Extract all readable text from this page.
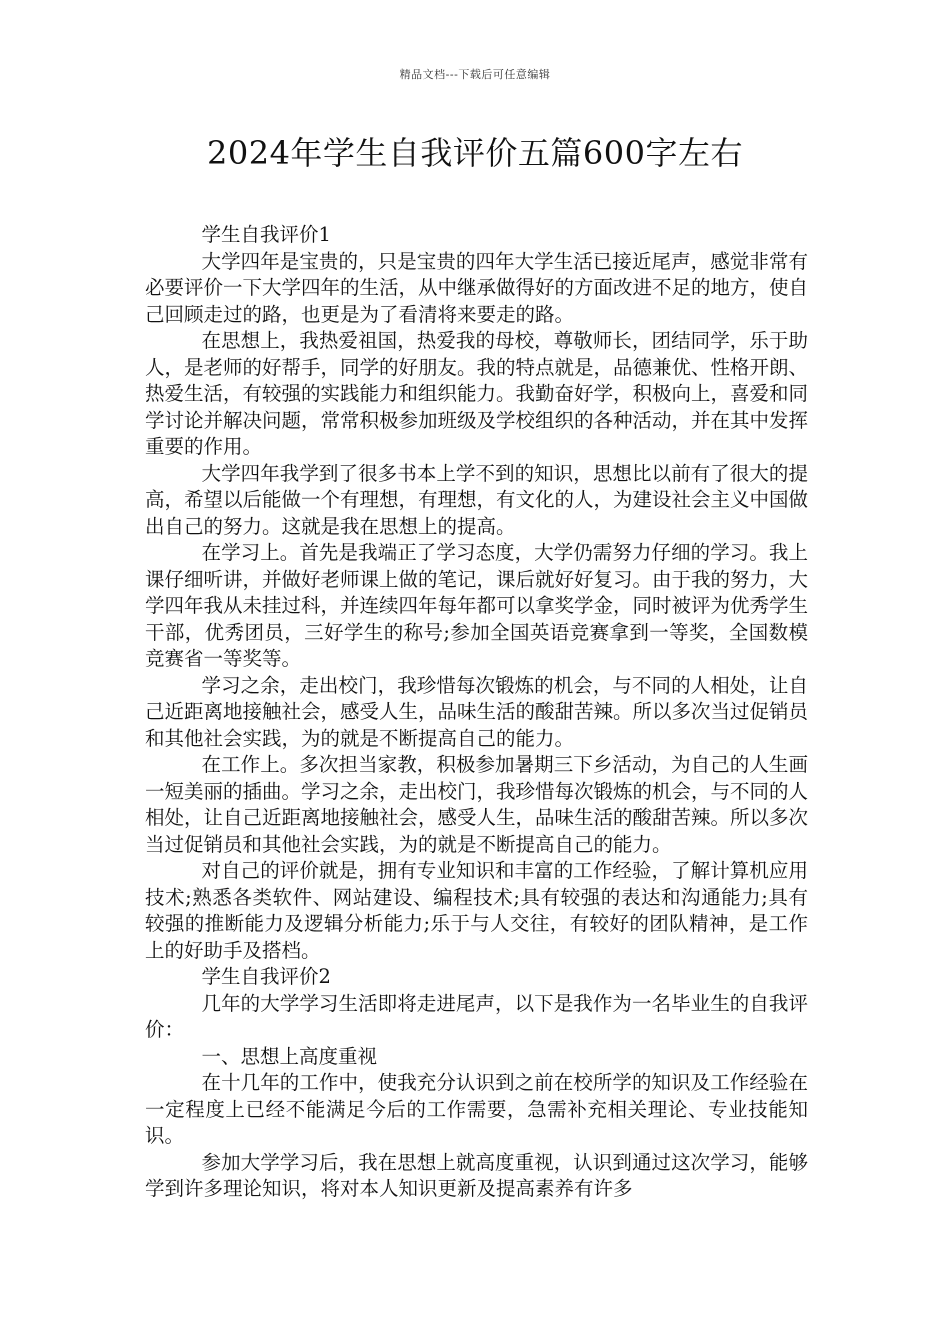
精品文档---下载后可任意编辑
2024年学生自我评价五篇600字左右

学生自我评价1

大学四年是宝贵的，只是宝贵的四年大学生活已接近尾声，感觉非常有必要评价一下大学四年的生活，从中继承做得好的方面改进不足的地方，使自己回顾走过的路，也更是为了看清将来要走的路。

在思想上，我热爱祖国，热爱我的母校，尊敬师长，团结同学，乐于助人，是老师的好帮手，同学的好朋友。我的特点就是，品德兼优、性格开朗、热爱生活，有较强的实践能力和组织能力。我勤奋好学，积极向上，喜爱和同学讨论并解决问题，常常积极参加班级及学校组织的各种活动，并在其中发挥重要的作用。

大学四年我学到了很多书本上学不到的知识，思想比以前有了很大的提高，希望以后能做一个有理想，有理想，有文化的人，为建设社会主义中国做出自己的努力。这就是我在思想上的提高。

在学习上。首先是我端正了学习态度，大学仍需努力仔细的学习。我上课仔细听讲，并做好老师课上做的笔记，课后就好好复习。由于我的努力，大学四年我从未挂过科，并连续四年每年都可以拿奖学金，同时被评为优秀学生干部，优秀团员，三好学生的称号;参加全国英语竞赛拿到一等奖，全国数模竞赛省一等奖等。

学习之余，走出校门，我珍惜每次锻炼的机会，与不同的人相处，让自己近距离地接触社会，感受人生，品味生活的酸甜苦辣。所以多次当过促销员和其他社会实践，为的就是不断提高自己的能力。

在工作上。多次担当家教，积极参加暑期三下乡活动，为自己的人生画一短美丽的插曲。学习之余，走出校门，我珍惜每次锻炼的机会，与不同的人相处，让自己近距离地接触社会，感受人生，品味生活的酸甜苦辣。所以多次当过促销员和其他社会实践，为的就是不断提高自己的能力。

对自己的评价就是，拥有专业知识和丰富的工作经验，了解计算机应用技术;熟悉各类软件、网站建设、编程技术;具有较强的表达和沟通能力;具有较强的推断能力及逻辑分析能力;乐于与人交往，有较好的团队精神，是工作上的好助手及搭档。

学生自我评价2

几年的大学学习生活即将走进尾声，以下是我作为一名毕业生的自我评价：

一、思想上高度重视

在十几年的工作中，使我充分认识到之前在校所学的知识及工作经验在一定程度上已经不能满足今后的工作需要，急需补充相关理论、专业技能知识。

参加大学学习后，我在思想上就高度重视，认识到通过这次学习，能够学到许多理论知识，将对本人知识更新及提高素养有许多
